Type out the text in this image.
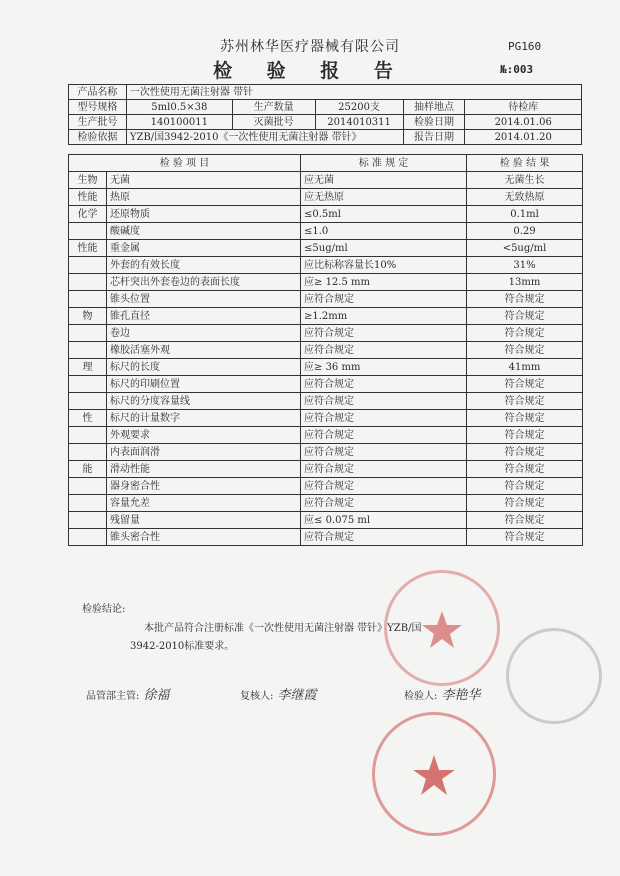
苏州林华医疗器械有限公司	PG160
检 验 报 告	№:003
产品名称	一次性使用无菌注射器 带针				
型号规格	5ml0.5×38	生产数量	25200支	抽样地点	待检库
生产批号	140100011	灭菌批号	2014010311	检验日期	2014.01.06
检验依据	YZB/国3942-2010《一次性使用无菌注射器 带针》			报告日期	2014.01.20
检 验 项 目		标 准 规 定	检 验 结 果
生物	无菌	应无菌	无菌生长
性能	热原	应无热原	无致热原
化学	还原物质	≤0.5ml	0.1ml
	酸碱度	≤1.0	0.29
性能	重金属	≤5ug/ml	<5ug/ml
	外套的有效长度	应比标称容量长10%	31%
	芯杆突出外套卷边的表面长度	应≥ 12.5 mm	13mm
	锥头位置	应符合规定	符合规定
物	锥孔直径	≥1.2mm	符合规定
	卷边	应符合规定	符合规定
	橡胶活塞外观	应符合规定	符合规定
理	标尺的长度	应≥ 36 mm	41mm
	标尺的印刷位置	应符合规定	符合规定
	标尺的分度容量线	应符合规定	符合规定
性	标尺的计量数字	应符合规定	符合规定
	外观要求	应符合规定	符合规定
	内表面润滑	应符合规定	符合规定
能	滑动性能	应符合规定	符合规定
	器身密合性	应符合规定	符合规定
	容量允差	应符合规定	符合规定
	残留量	应≤ 0.075 ml	符合规定
	锥头密合性	应符合规定	符合规定
检验结论:
本批产品符合注册标准《一次性使用无菌注射器 带针》YZB/国3942-2010标准要求。
品管部主管: 徐福	复核人: 李继霞	检验人: 李艳华
